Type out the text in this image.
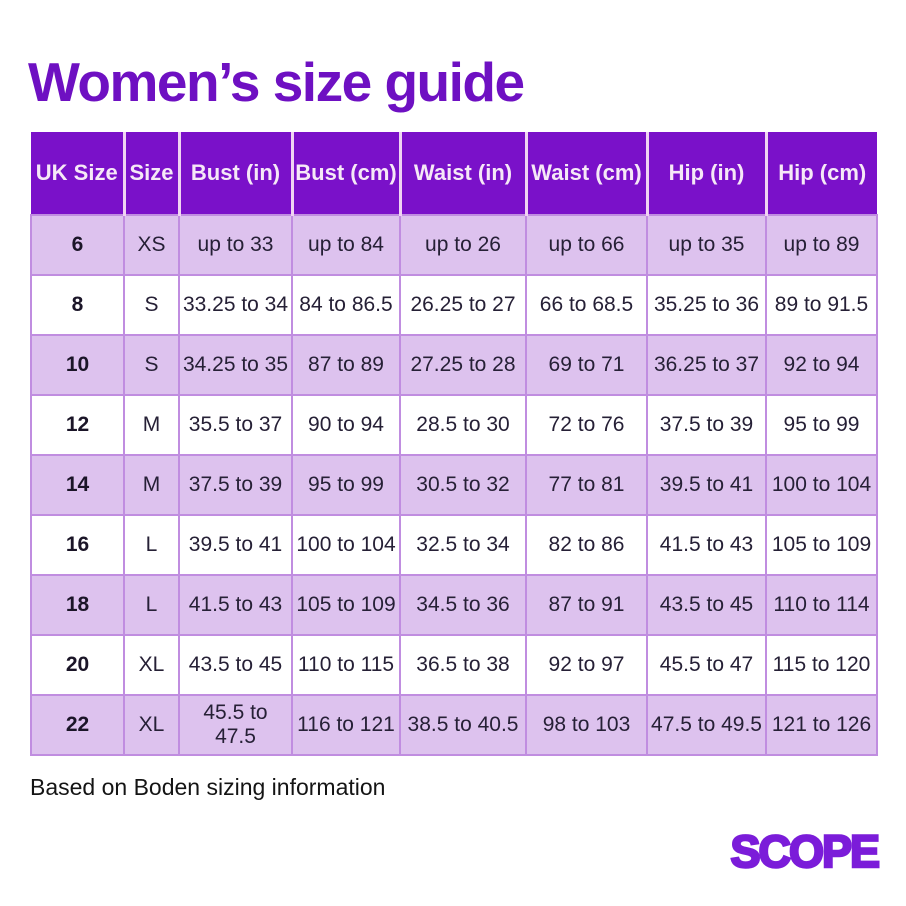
Women’s size guide
UK Size	Size	Bust (in)	Bust (cm)	Waist (in)	Waist (cm)	Hip (in)	Hip (cm)
6	XS	up to 33	up to 84	up to 26	up to 66	up to 35	up to 89
8	S	33.25 to 34	84 to 86.5	26.25 to 27	66 to 68.5	35.25 to 36	89 to 91.5
10	S	34.25 to 35	87 to 89	27.25 to 28	69 to 71	36.25 to 37	92 to 94
12	M	35.5 to 37	90 to 94	28.5 to 30	72 to 76	37.5 to 39	95 to 99
14	M	37.5 to 39	95 to 99	30.5 to 32	77 to 81	39.5 to 41	100 to 104
16	L	39.5 to 41	100 to 104	32.5 to 34	82 to 86	41.5 to 43	105 to 109
18	L	41.5 to 43	105 to 109	34.5 to 36	87 to 91	43.5 to 45	110 to 114
20	XL	43.5 to 45	110 to 115	36.5 to 38	92 to 97	45.5 to 47	115 to 120
22	XL	45.5 to 47.5	116 to 121	38.5 to 40.5	98 to 103	47.5 to 49.5	121 to 126

Based on Boden sizing information

SCOPE
